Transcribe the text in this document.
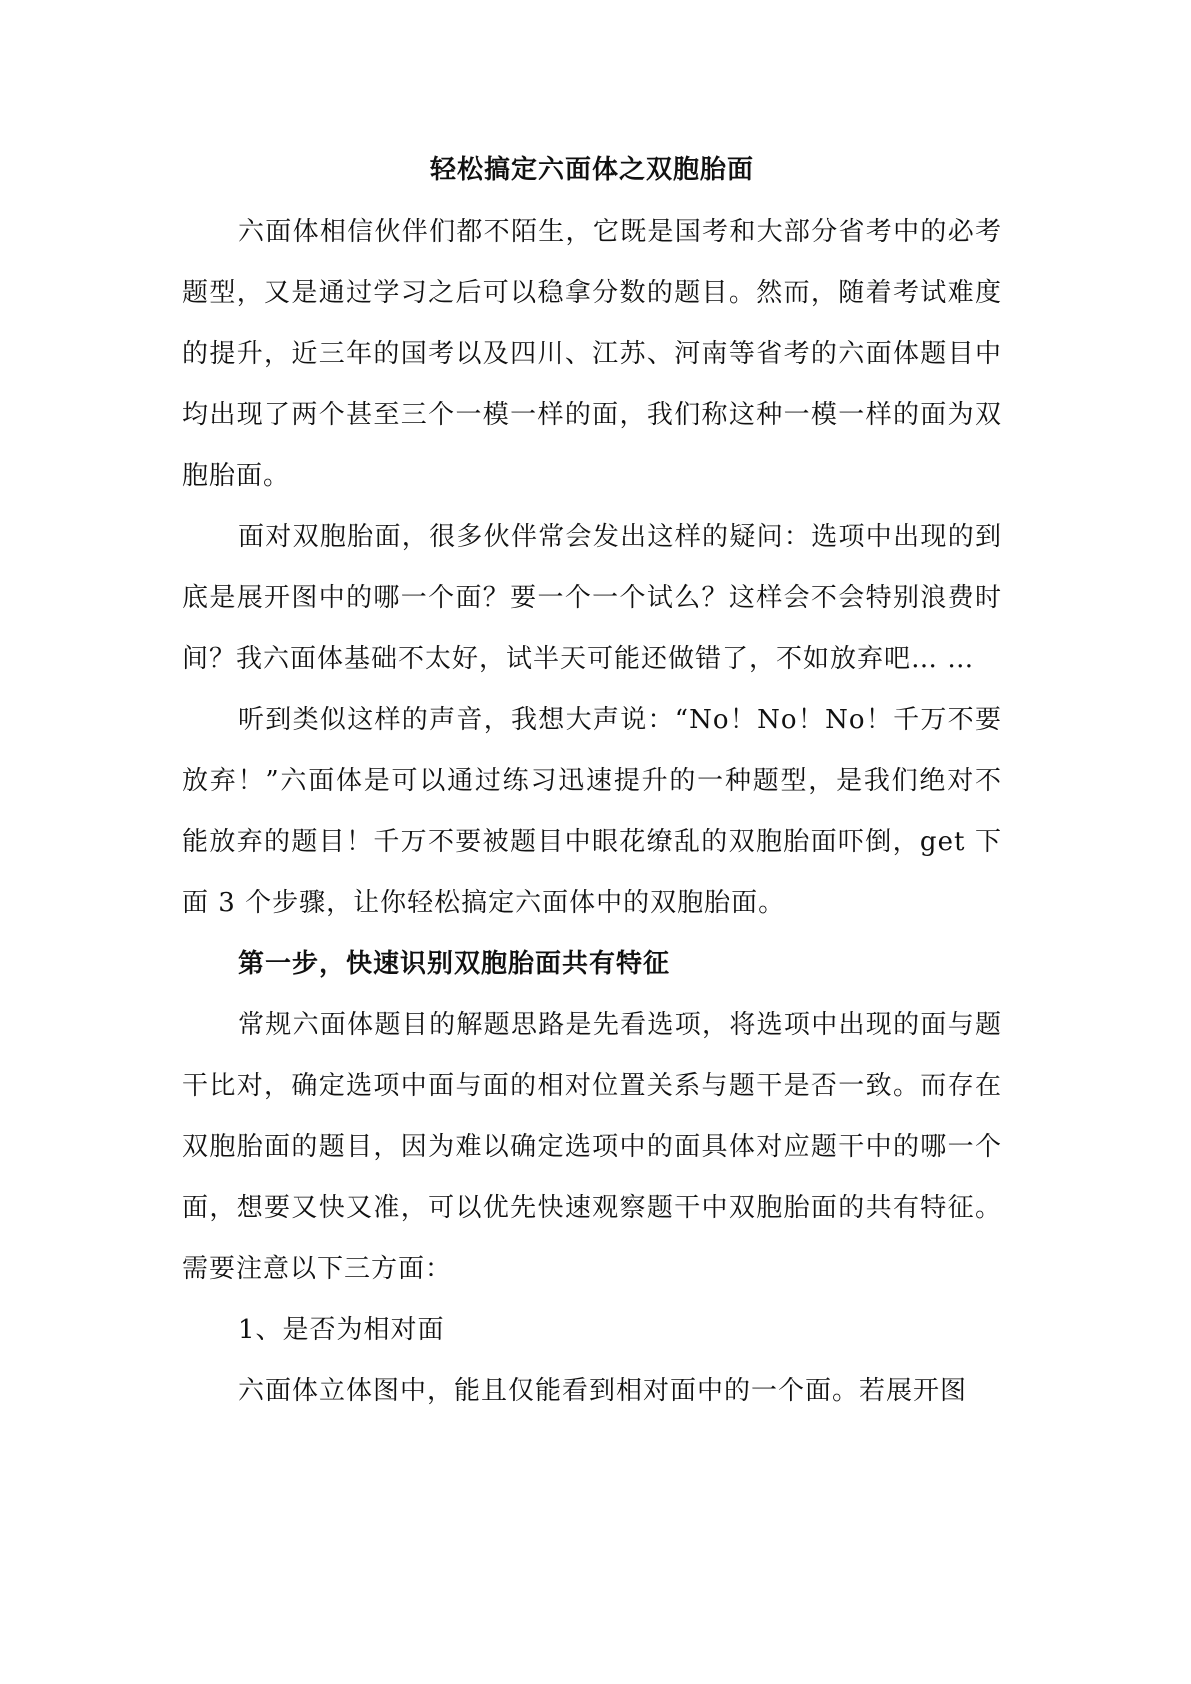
轻松搞定六面体之双胞胎面

六面体相信伙伴们都不陌生，它既是国考和大部分省考中的必考题型，又是通过学习之后可以稳拿分数的题目。然而，随着考试难度的提升，近三年的国考以及四川、江苏、河南等省考的六面体题目中均出现了两个甚至三个一模一样的面，我们称这种一模一样的面为双胞胎面。

面对双胞胎面，很多伙伴常会发出这样的疑问：选项中出现的到底是展开图中的哪一个面？要一个一个试么？这样会不会特别浪费时间？我六面体基础不太好，试半天可能还做错了，不如放弃吧… …

听到类似这样的声音，我想大声说：“No！No！No！千万不要放弃！”六面体是可以通过练习迅速提升的一种题型，是我们绝对不能放弃的题目！千万不要被题目中眼花缭乱的双胞胎面吓倒，get 下面 3 个步骤，让你轻松搞定六面体中的双胞胎面。

第一步，快速识别双胞胎面共有特征

常规六面体题目的解题思路是先看选项，将选项中出现的面与题干比对，确定选项中面与面的相对位置关系与题干是否一致。而存在双胞胎面的题目，因为难以确定选项中的面具体对应题干中的哪一个面，想要又快又准，可以优先快速观察题干中双胞胎面的共有特征。需要注意以下三方面：

1、是否为相对面

六面体立体图中，能且仅能看到相对面中的一个面。若展开图
